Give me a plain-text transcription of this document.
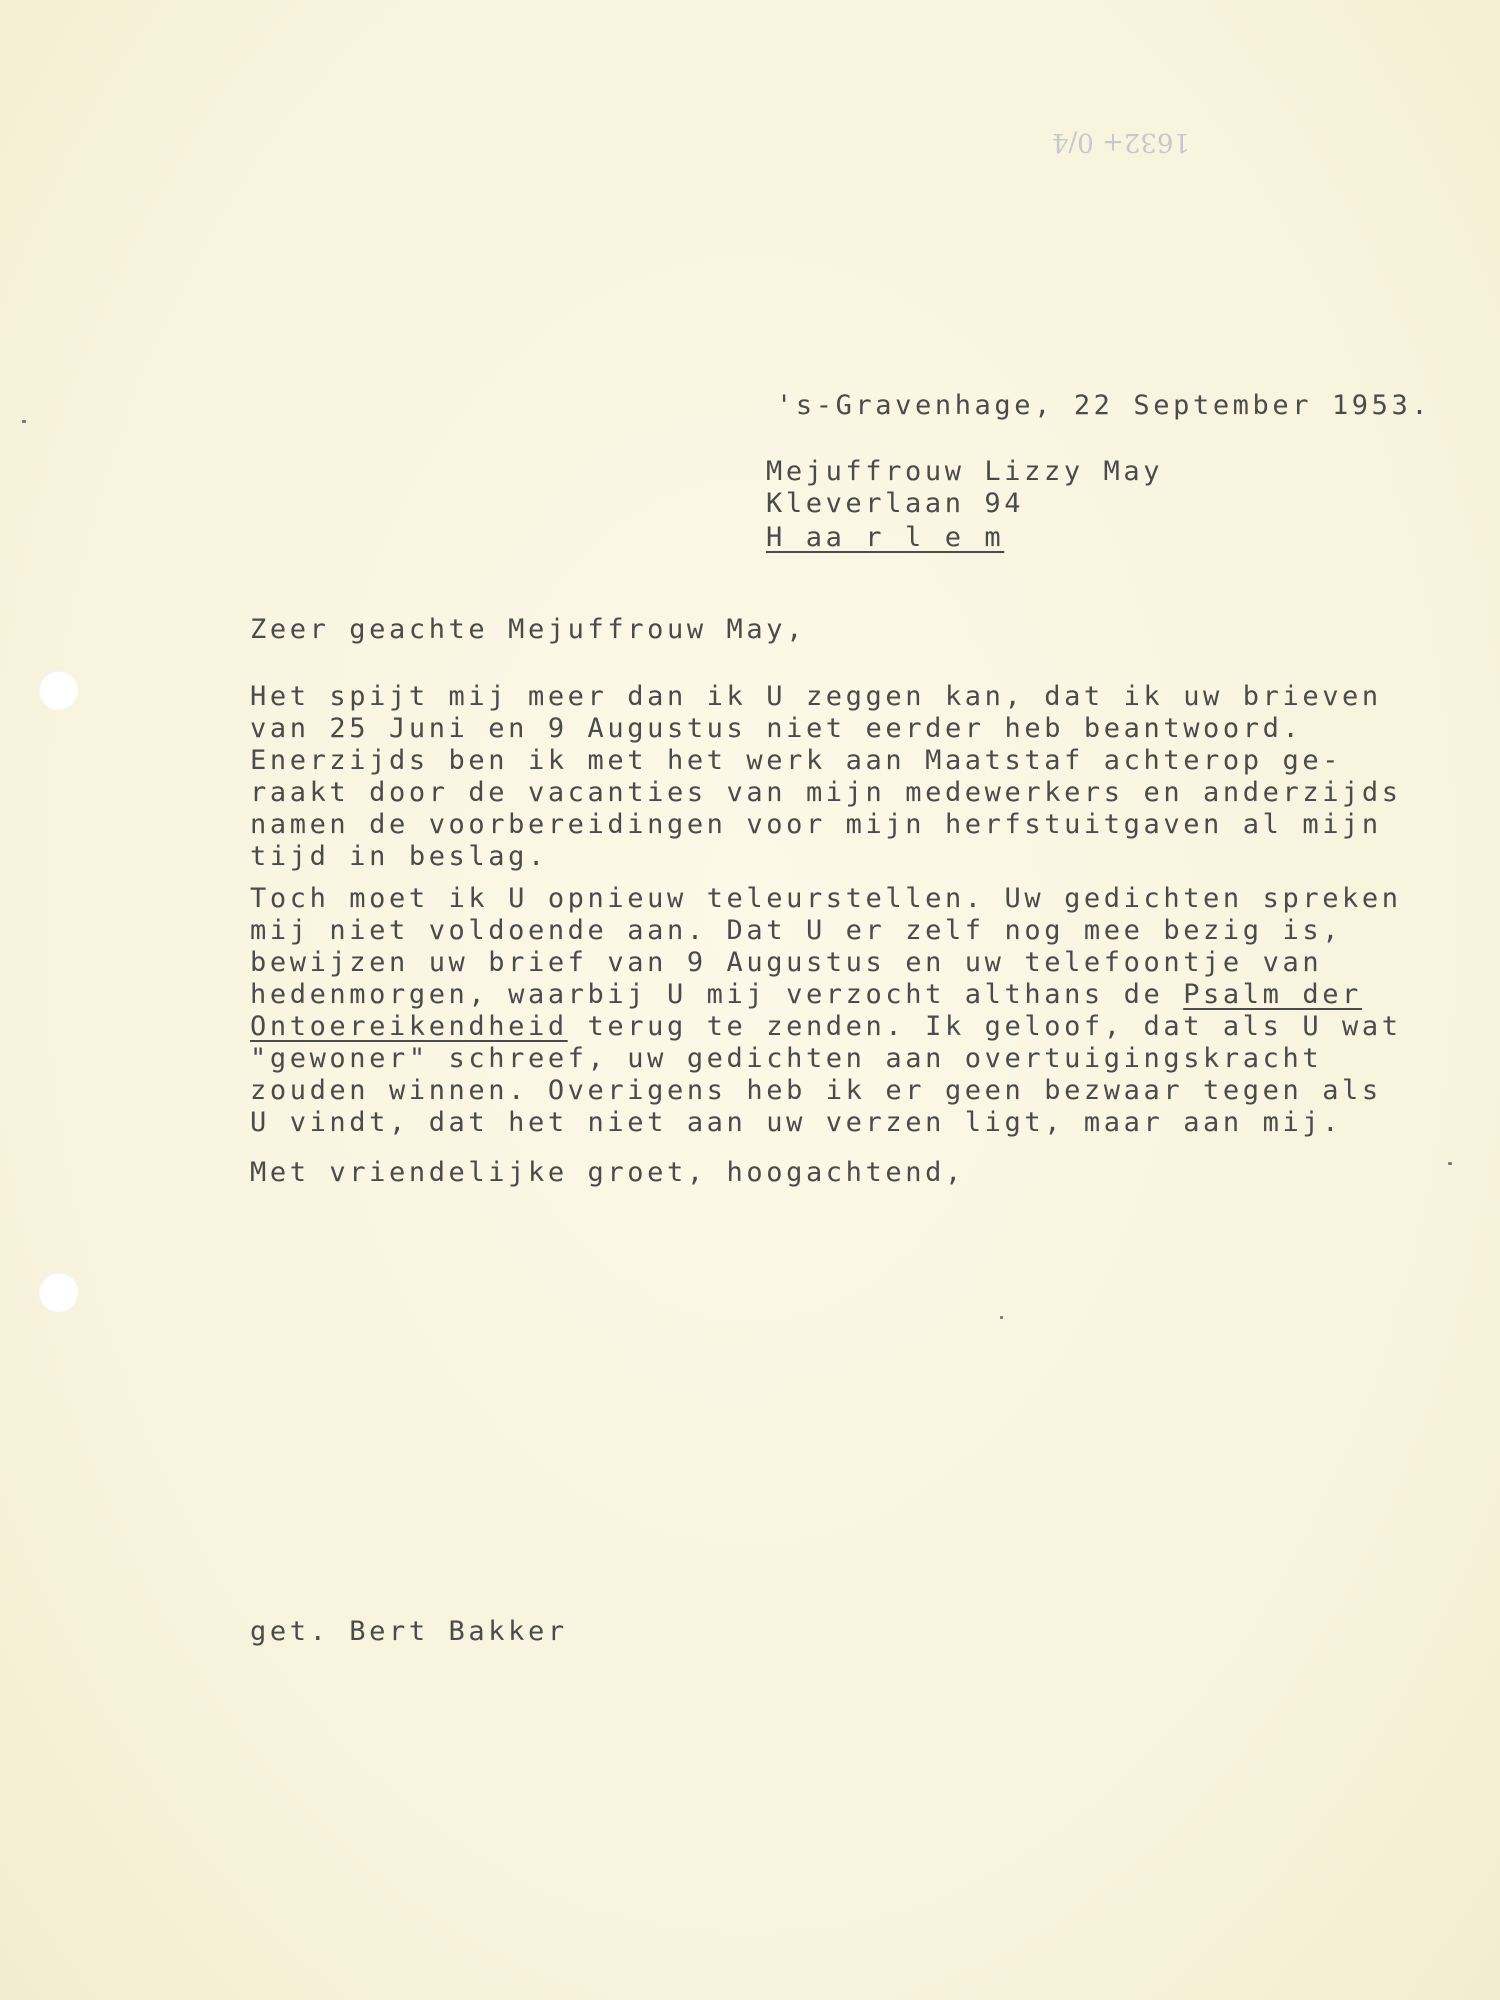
1632+ 0/4
's-Gravenhage, 22 September 1953.
Mejuffrouw Lizzy May
Kleverlaan 94
H aa r l e m
Zeer geachte Mejuffrouw May,
Het spijt mij meer dan ik U zeggen kan, dat ik uw brieven
van 25 Juni en 9 Augustus niet eerder heb beantwoord.
Enerzijds ben ik met het werk aan Maatstaf achterop ge-
raakt door de vacanties van mijn medewerkers en anderzijds
namen de voorbereidingen voor mijn herfstuitgaven al mijn
tijd in beslag.
Toch moet ik U opnieuw teleurstellen. Uw gedichten spreken
mij niet voldoende aan. Dat U er zelf nog mee bezig is,
bewijzen uw brief van 9 Augustus en uw telefoontje van
hedenmorgen, waarbij U mij verzocht althans de Psalm der
Ontoereikendheid terug te zenden. Ik geloof, dat als U wat
"gewoner" schreef, uw gedichten aan overtuigingskracht
zouden winnen. Overigens heb ik er geen bezwaar tegen als
U vindt, dat het niet aan uw verzen ligt, maar aan mij.
Met vriendelijke groet, hoogachtend,
get. Bert Bakker
